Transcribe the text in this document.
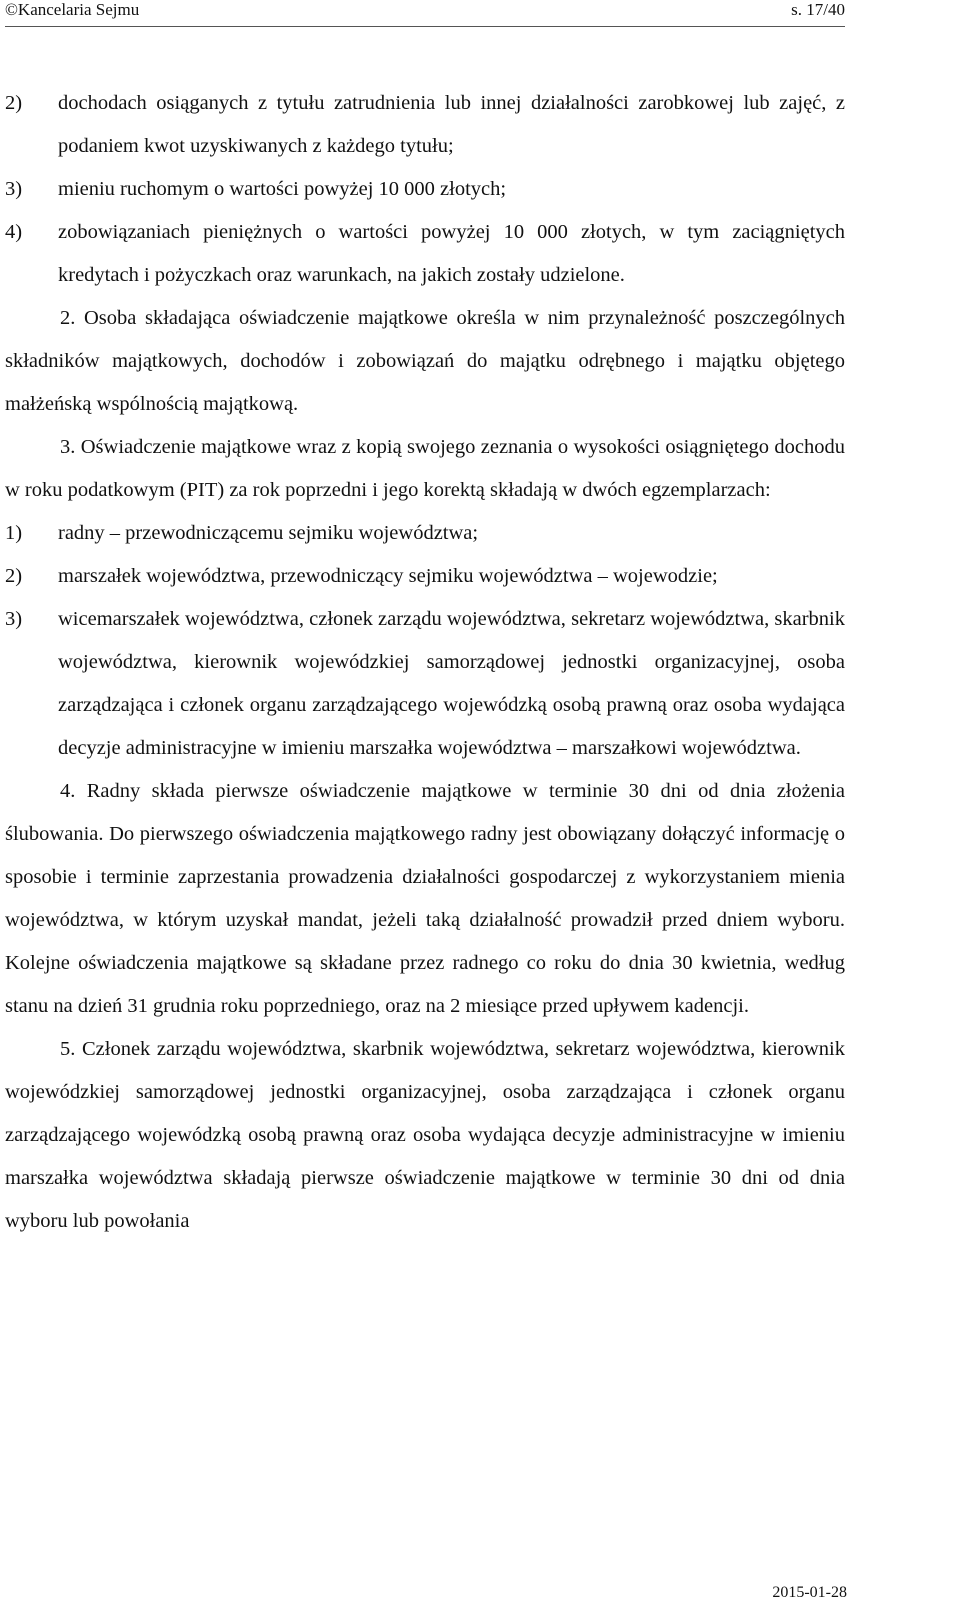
©Kancelaria Sejmu	s. 17/40
2) dochodach osiąganych z tytułu zatrudnienia lub innej działalności zarobkowej lub zajęć, z podaniem kwot uzyskiwanych z każdego tytułu;
3) mieniu ruchomym o wartości powyżej 10 000 złotych;
4) zobowiązaniach pieniężnych o wartości powyżej 10 000 złotych, w tym zaciągniętych kredytach i pożyczkach oraz warunkach, na jakich zostały udzielone.

2. Osoba składająca oświadczenie majątkowe określa w nim przynależność poszczególnych składników majątkowych, dochodów i zobowiązań do majątku odrębnego i majątku objętego małżeńską wspólnością majątkową.

3. Oświadczenie majątkowe wraz z kopią swojego zeznania o wysokości osiągniętego dochodu w roku podatkowym (PIT) za rok poprzedni i jego korektą składają w dwóch egzemplarzach:

1) radny – przewodniczącemu sejmiku województwa;
2) marszałek województwa, przewodniczący sejmiku województwa – wojewodzie;
3) wicemarszałek województwa, członek zarządu województwa, sekretarz województwa, skarbnik województwa, kierownik wojewódzkiej samorządowej jednostki organizacyjnej, osoba zarządzająca i członek organu zarządzającego wojewódzką osobą prawną oraz osoba wydająca decyzje administracyjne w imieniu marszałka województwa – marszałkowi województwa.

4. Radny składa pierwsze oświadczenie majątkowe w terminie 30 dni od dnia złożenia ślubowania. Do pierwszego oświadczenia majątkowego radny jest obowiązany dołączyć informację o sposobie i terminie zaprzestania prowadzenia działalności gospodarczej z wykorzystaniem mienia województwa, w którym uzyskał mandat, jeżeli taką działalność prowadził przed dniem wyboru. Kolejne oświadczenia majątkowe są składane przez radnego co roku do dnia 30 kwietnia, według stanu na dzień 31 grudnia roku poprzedniego, oraz na 2 miesiące przed upływem kadencji.

5. Członek zarządu województwa, skarbnik województwa, sekretarz województwa, kierownik wojewódzkiej samorządowej jednostki organizacyjnej, osoba zarządzająca i członek organu zarządzającego wojewódzką osobą prawną oraz osoba wydająca decyzje administracyjne w imieniu marszałka województwa składają pierwsze oświadczenie majątkowe w terminie 30 dni od dnia wyboru lub powołania

2015-01-28
